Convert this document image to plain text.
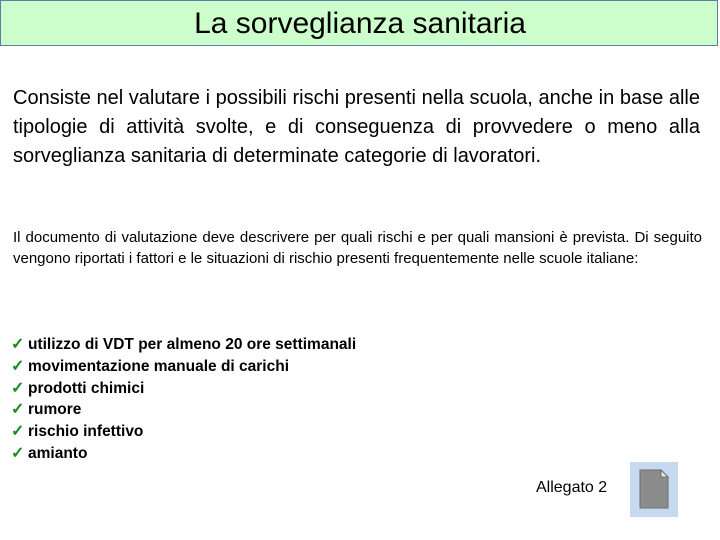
La sorveglianza sanitaria

Consiste nel valutare i possibili rischi presenti nella scuola, anche in base alle tipologie di attività svolte, e di conseguenza di provvedere o meno alla sorveglianza sanitaria di determinate categorie di lavoratori.

Il documento di valutazione deve descrivere per quali rischi e per quali mansioni è prevista. Di seguito vengono riportati i fattori e le situazioni di rischio presenti frequentemente nelle scuole italiane:

✓ utilizzo di VDT per almeno 20 ore settimanali
✓ movimentazione manuale di carichi
✓ prodotti chimici
✓ rumore
✓ rischio infettivo
✓ amianto
Allegato 2
